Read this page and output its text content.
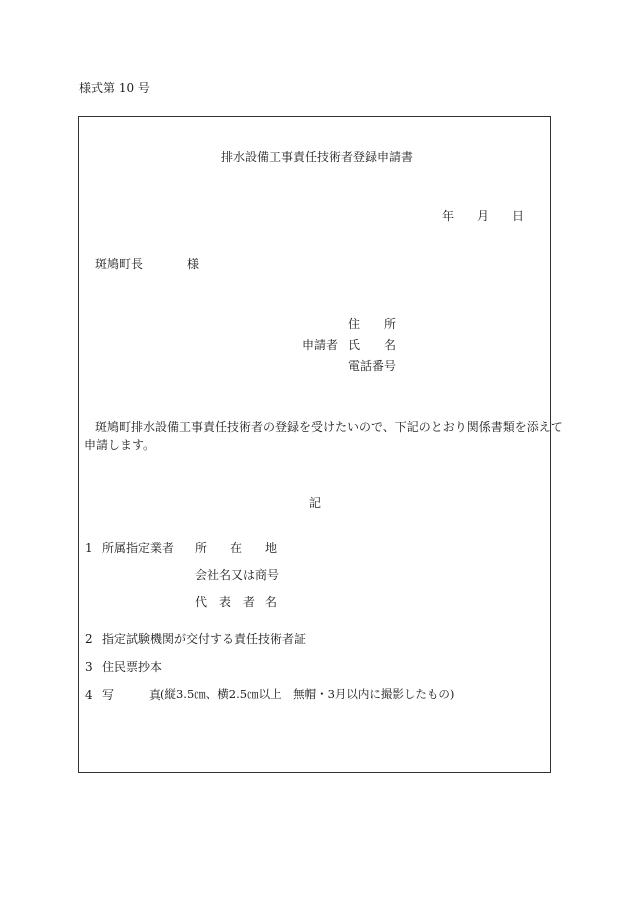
様式第 10 号
排水設備工事責任技術者登録申請書
年 月 日
斑鳩町長	様
住 所
申請者 氏 名
電話番号
斑鳩町排水設備工事責任技術者の登録を受けたいので、下記のとおり関係書類を添えて
申請します。
記
1 所属指定業者 所 在 地
会社名又は商号
代 表 者 名
2 指定試験機関が交付する責任技術者証
3 住民票抄本
4 写	真
(縦3.5㎝、横2.5㎝以上　無帽・3月以内に撮影したもの)
